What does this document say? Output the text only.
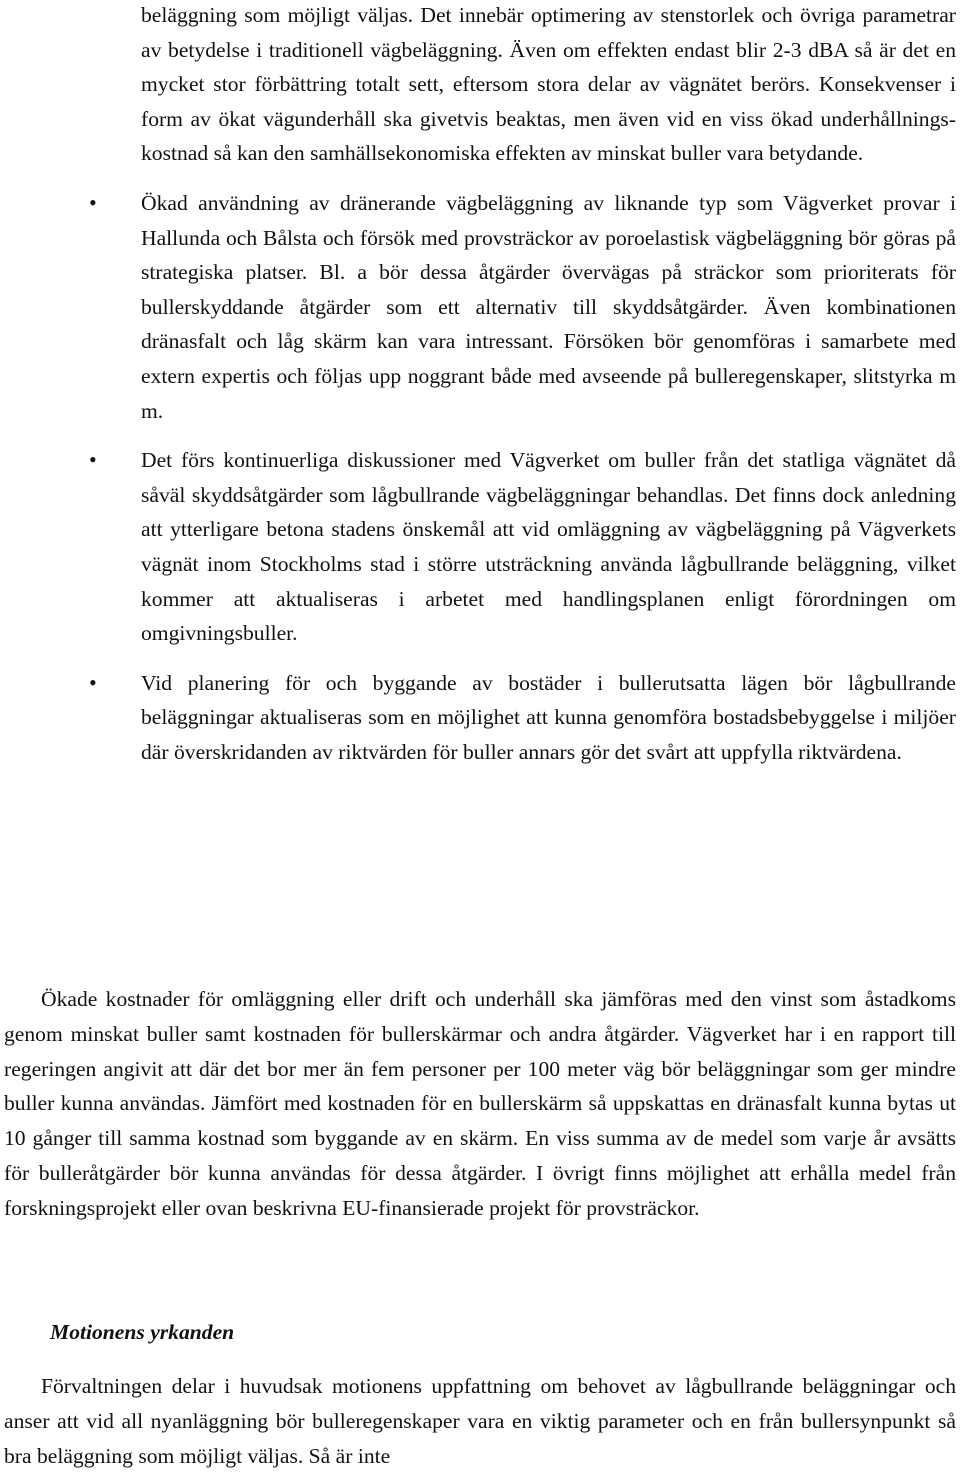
beläggning som möjligt väljas. Det innebär optimering av stenstorlek och övriga parametrar av betydelse i traditionell vägbeläggning. Även om effekten endast blir 2-3 dBA så är det en mycket stor förbättring totalt sett, eftersom stora delar av vägnätet berörs. Konsekvenser i form av ökat vägunderhåll ska givetvis beaktas, men även vid en viss ökad underhållningskostnad så kan den samhällsekonomiska effekten av minskat buller vara betydande.

• Ökad användning av dränerande vägbeläggning av liknande typ som Vägverket provar i Hallunda och Bålsta och försök med provsträckor av poroelastisk vägbeläggning bör göras på strategiska platser. Bl. a bör dessa åtgärder övervägas på sträckor som prioriterats för bullerskyddande åtgärder som ett alternativ till skyddsåtgärder. Även kombinationen dränasfalt och låg skärm kan vara intressant. Försöken bör genomföras i samarbete med extern expertis och följas upp noggrant både med avseende på bulleregenskaper, slitstyrka m m.
• Det förs kontinuerliga diskussioner med Vägverket om buller från det statliga vägnätet då såväl skyddsåtgärder som lågbullrande vägbeläggningar behandlas. Det finns dock anledning att ytterligare betona stadens önskemål att vid omläggning av vägbeläggning på Vägverkets vägnät inom Stockholms stad i större utsträckning använda lågbullrande beläggning, vilket kommer att aktualiseras i arbetet med handlingsplanen enligt förordningen om omgivningsbuller.
• Vid planering för och byggande av bostäder i bullerutsatta lägen bör lågbullrande beläggningar aktualiseras som en möjlighet att kunna genomföra bostadsbebyggelse i miljöer där överskridanden av riktvärden för buller annars gör det svårt att uppfylla riktvärdena.

Ökade kostnader för omläggning eller drift och underhåll ska jämföras med den vinst som åstadkoms genom minskat buller samt kostnaden för bullerskärmar och andra åtgärder. Vägverket har i en rapport till regeringen angivit att där det bor mer än fem personer per 100 meter väg bör beläggningar som ger mindre buller kunna användas. Jämfört med kostnaden för en bullerskärm så uppskattas en dränasfalt kunna bytas ut 10 gånger till samma kostnad som byggande av en skärm. En viss summa av de medel som varje år avsätts för bulleråtgärder bör kunna användas för dessa åtgärder. I övrigt finns möjlighet att erhålla medel från forskningsprojekt eller ovan beskrivna EU-finansierade projekt för provsträckor.

Motionens yrkanden

Förvaltningen delar i huvudsak motionens uppfattning om behovet av lågbullrande beläggningar och anser att vid all nyanläggning bör bulleregenskaper vara en viktig parameter och en från bullersynpunkt så bra beläggning som möjligt väljas. Så är inte
